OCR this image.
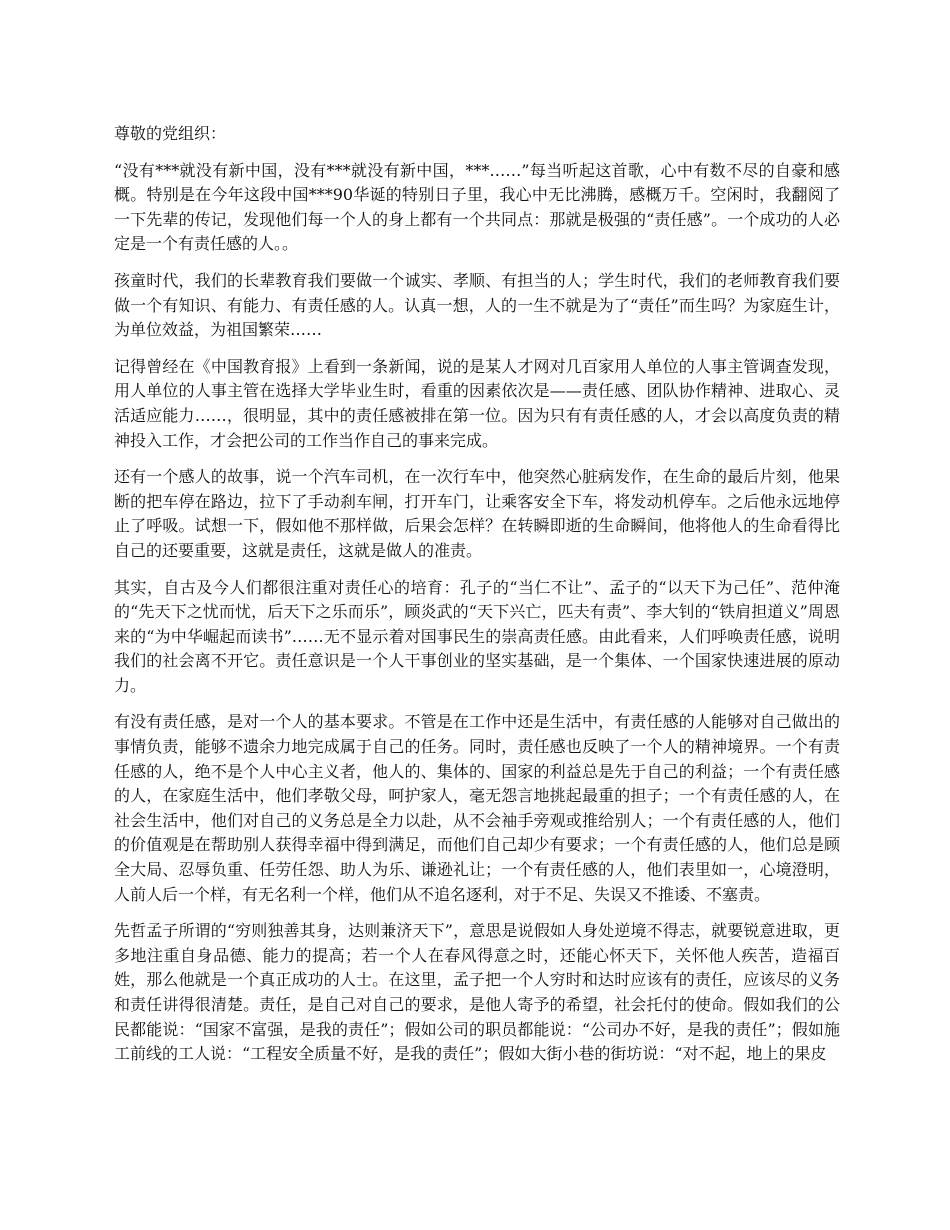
尊敬的党组织：

“没有***就没有新中国，没有***就没有新中国，***……”每当听起这首歌，心中有数不尽的自豪和感概。特别是在今年这段中国***90华诞的特别日子里，我心中无比沸腾，感概万千。空闲时，我翻阅了一下先辈的传记，发现他们每一个人的身上都有一个共同点：那就是极强的“责任感”。一个成功的人必定是一个有责任感的人。。

孩童时代，我们的长辈教育我们要做一个诚实、孝顺、有担当的人；学生时代，我们的老师教育我们要做一个有知识、有能力、有责任感的人。认真一想，人的一生不就是为了“责任”而生吗？为家庭生计，为单位效益，为祖国繁荣……

记得曾经在《中国教育报》上看到一条新闻，说的是某人才网对几百家用人单位的人事主管调查发现，用人单位的人事主管在选择大学毕业生时，看重的因素依次是——责任感、团队协作精神、进取心、灵活适应能力……，很明显，其中的责任感被排在第一位。因为只有有责任感的人，才会以高度负责的精神投入工作，才会把公司的工作当作自己的事来完成。

还有一个感人的故事，说一个汽车司机，在一次行车中，他突然心脏病发作，在生命的最后片刻，他果断的把车停在路边，拉下了手动刹车闸，打开车门，让乘客安全下车，将发动机停车。之后他永远地停止了呼吸。试想一下，假如他不那样做，后果会怎样？在转瞬即逝的生命瞬间，他将他人的生命看得比自己的还要重要，这就是责任，这就是做人的准责。

其实，自古及今人们都很注重对责任心的培育：孔子的“当仁不让”、孟子的“以天下为己任”、范仲淹的“先天下之忧而忧，后天下之乐而乐”，顾炎武的“天下兴亡，匹夫有责”、李大钊的“铁肩担道义”周恩来的“为中华崛起而读书”……无不显示着对国事民生的崇高责任感。由此看来，人们呼唤责任感，说明我们的社会离不开它。责任意识是一个人干事创业的坚实基础，是一个集体、一个国家快速进展的原动力。

有没有责任感，是对一个人的基本要求。不管是在工作中还是生活中，有责任感的人能够对自己做出的事情负责，能够不遗余力地完成属于自己的任务。同时，责任感也反映了一个人的精神境界。一个有责任感的人，绝不是个人中心主义者，他人的、集体的、国家的利益总是先于自己的利益；一个有责任感的人，在家庭生活中，他们孝敬父母，呵护家人，毫无怨言地挑起最重的担子；一个有责任感的人，在社会生活中，他们对自己的义务总是全力以赴，从不会袖手旁观或推给别人；一个有责任感的人，他们的价值观是在帮助别人获得幸福中得到满足，而他们自己却少有要求；一个有责任感的人，他们总是顾全大局、忍辱负重、任劳任怨、助人为乐、谦逊礼让；一个有责任感的人，他们表里如一，心境澄明，人前人后一个样，有无名利一个样，他们从不追名逐利，对于不足、失误又不推诿、不塞责。

先哲孟子所谓的“穷则独善其身，达则兼济天下”，意思是说假如人身处逆境不得志，就要锐意进取，更多地注重自身品德、能力的提高；若一个人在春风得意之时，还能心怀天下，关怀他人疾苦，造福百姓，那么他就是一个真正成功的人士。在这里，孟子把一个人穷时和达时应该有的责任，应该尽的义务和责任讲得很清楚。责任，是自己对自己的要求，是他人寄予的希望，社会托付的使命。假如我们的公民都能说：“国家不富强，是我的责任”；假如公司的职员都能说：“公司办不好，是我的责任”；假如施工前线的工人说：“工程安全质量不好，是我的责任”；假如大街小巷的街坊说：“对不起，地上的果皮
